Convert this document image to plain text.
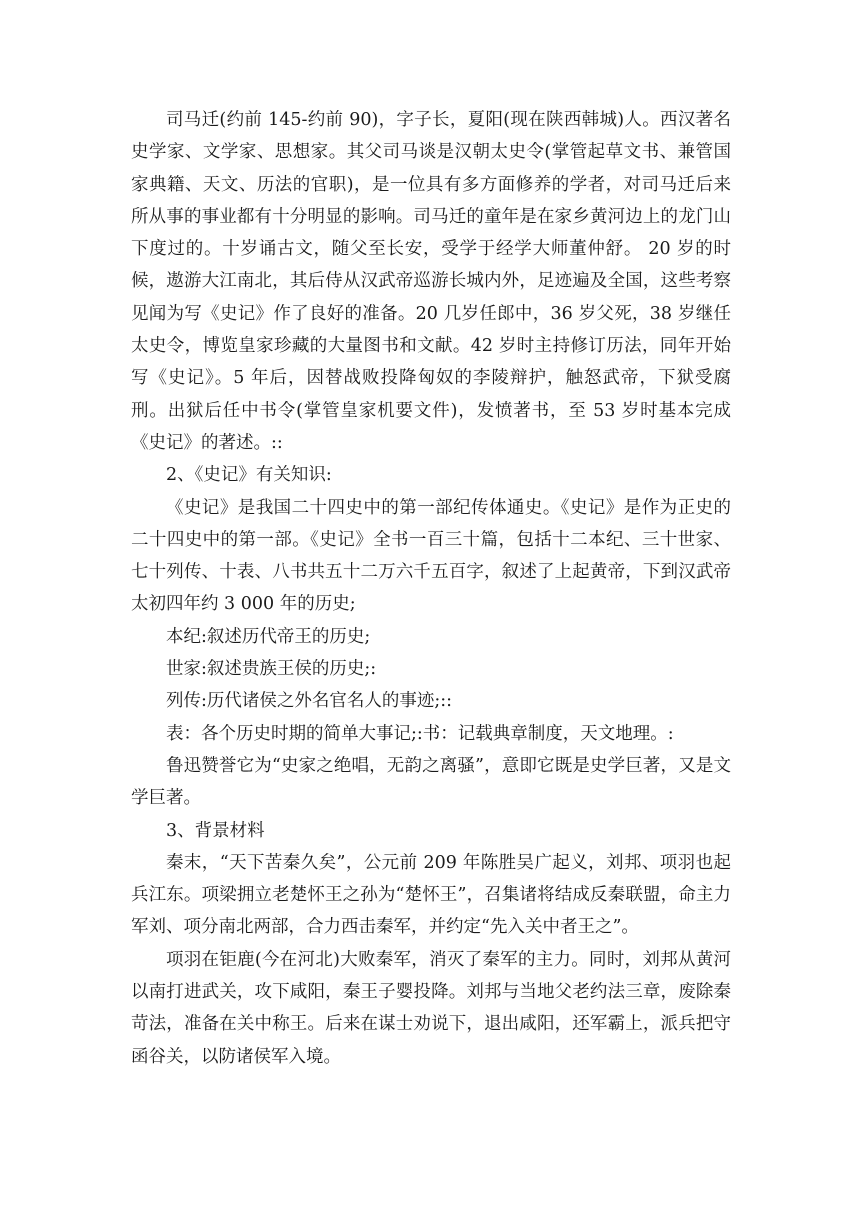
司马迁(约前 145-约前 90)，字子长，夏阳(现在陕西韩城)人。西汉著名史学家、文学家、思想家。其父司马谈是汉朝太史令(掌管起草文书、兼管国家典籍、天文、历法的官职)，是一位具有多方面修养的学者，对司马迁后来所从事的事业都有十分明显的影响。司马迁的童年是在家乡黄河边上的龙门山下度过的。十岁诵古文，随父至长安，受学于经学大师董仲舒。 20 岁的时候，遨游大江南北，其后侍从汉武帝巡游长城内外，足迹遍及全国，这些考察见闻为写《史记》作了良好的准备。20 几岁任郎中，36 岁父死，38 岁继任太史令，博览皇家珍藏的大量图书和文献。42 岁时主持修订历法，同年开始写《史记》。5 年后，因替战败投降匈奴的李陵辩护，触怒武帝，下狱受腐刑。出狱后任中书令(掌管皇家机要文件)，发愤著书，至 53 岁时基本完成《史记》的著述。::

2、《史记》有关知识:

《史记》是我国二十四史中的第一部纪传体通史。《史记》是作为正史的二十四史中的第一部。《史记》全书一百三十篇，包括十二本纪、三十世家、七十列传、十表、八书共五十二万六千五百字，叙述了上起黄帝，下到汉武帝太初四年约 3 000 年的历史;

本纪:叙述历代帝王的历史;

世家:叙述贵族王侯的历史;:

列传:历代诸侯之外名官名人的事迹;::

表：各个历史时期的简单大事记;:书：记载典章制度，天文地理。:

鲁迅赞誉它为“史家之绝唱，无韵之离骚”，意即它既是史学巨著，又是文学巨著。

3、背景材料

秦末，“天下苦秦久矣”，公元前 209 年陈胜吴广起义，刘邦、项羽也起兵江东。项梁拥立老楚怀王之孙为“楚怀王”，召集诸将结成反秦联盟，命主力军刘、项分南北两部，合力西击秦军，并约定“先入关中者王之”。

项羽在钜鹿(今在河北)大败秦军，消灭了秦军的主力。同时，刘邦从黄河以南打进武关，攻下咸阳，秦王子婴投降。刘邦与当地父老约法三章，废除秦苛法，准备在关中称王。后来在谋士劝说下，退出咸阳，还军霸上，派兵把守函谷关，以防诸侯军入境。
